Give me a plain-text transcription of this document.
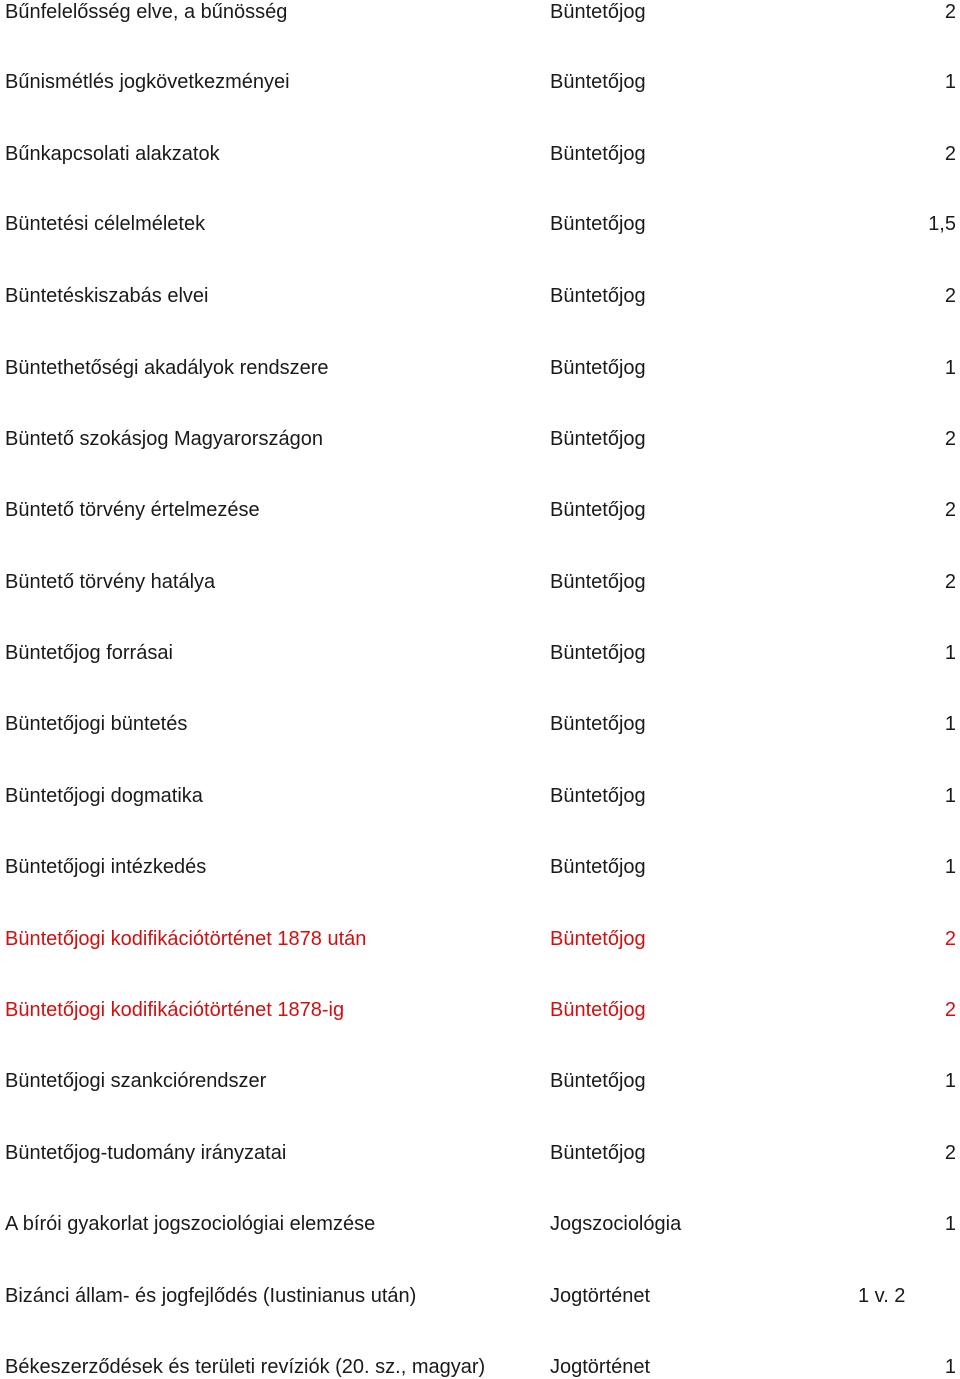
Bűnfelelősség elve, a bűnösség	Büntetőjog	2
Bűnismétlés jogkövetkezményei	Büntetőjog	1
Bűnkapcsolati alakzatok	Büntetőjog	2
Büntetési célelméletek	Büntetőjog	1,5
Büntetéskiszabás elvei	Büntetőjog	2
Büntethetőségi akadályok rendszere	Büntetőjog	1
Büntető szokásjog Magyarországon	Büntetőjog	2
Büntető törvény értelmezése	Büntetőjog	2
Büntető törvény hatálya	Büntetőjog	2
Büntetőjog forrásai	Büntetőjog	1
Büntetőjogi büntetés	Büntetőjog	1
Büntetőjogi dogmatika	Büntetőjog	1
Büntetőjogi intézkedés	Büntetőjog	1
Büntetőjogi kodifikációtörténet 1878 után	Büntetőjog	2
Büntetőjogi kodifikációtörténet 1878-ig	Büntetőjog	2
Büntetőjogi szankciórendszer	Büntetőjog	1
Büntetőjog-tudomány irányzatai	Büntetőjog	2
A bírói gyakorlat jogszociológiai elemzése	Jogszociológia	1
Bizánci állam- és jogfejlődés (Iustinianus után)	Jogtörténet	1 v. 2
Békeszerződések és területi revíziók (20. sz., magyar)	Jogtörténet	1
